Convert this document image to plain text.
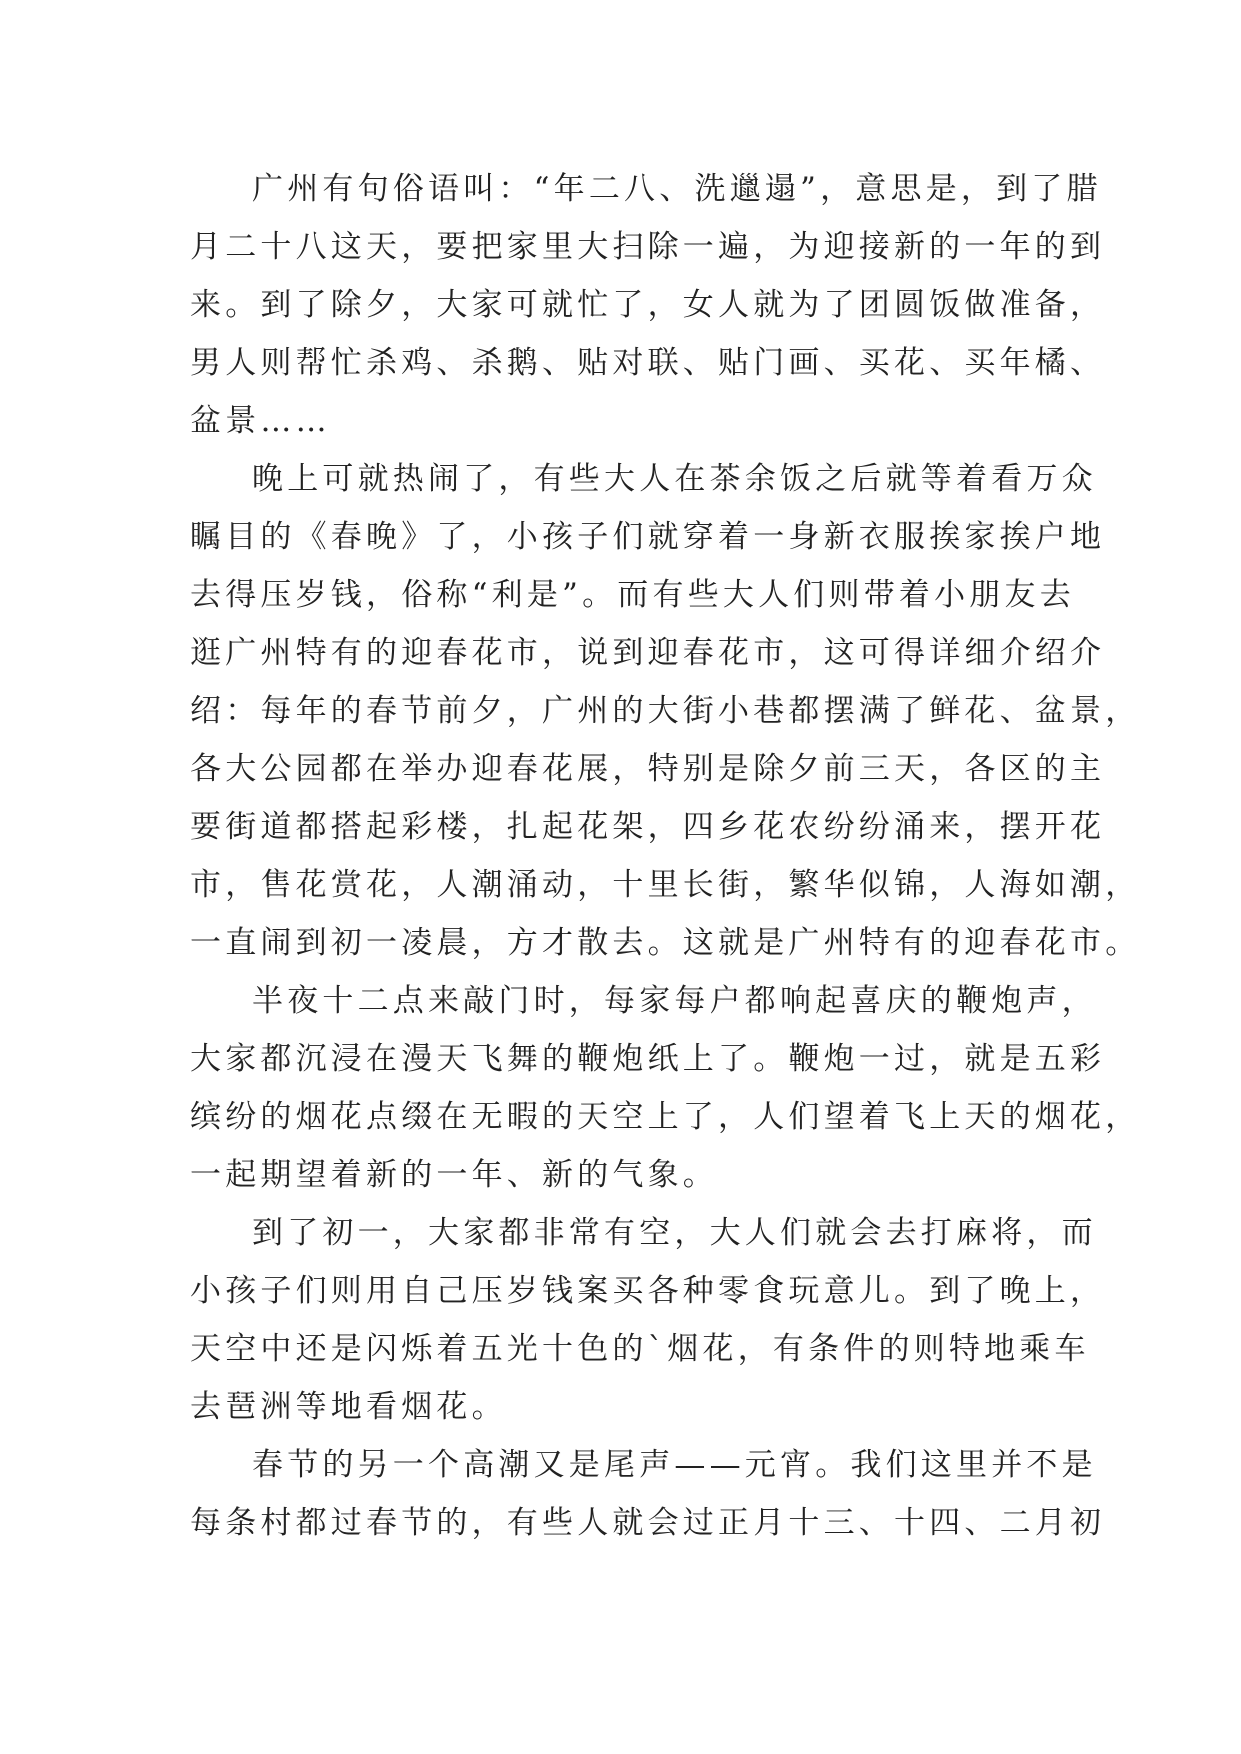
广州有句俗语叫：“年二八、洗邋遢”，意思是，到了腊
月二十八这天，要把家里大扫除一遍，为迎接新的一年的到
来。到了除夕，大家可就忙了，女人就为了团圆饭做准备，
男人则帮忙杀鸡、杀鹅、贴对联、贴门画、买花、买年橘、
盆景……
晚上可就热闹了，有些大人在茶余饭之后就等着看万众
瞩目的《春晚》了，小孩子们就穿着一身新衣服挨家挨户地
去得压岁钱，俗称“利是”。而有些大人们则带着小朋友去
逛广州特有的迎春花市，说到迎春花市，这可得详细介绍介
绍：每年的春节前夕，广州的大街小巷都摆满了鲜花、盆景，
各大公园都在举办迎春花展，特别是除夕前三天，各区的主
要街道都搭起彩楼，扎起花架，四乡花农纷纷涌来，摆开花
市，售花赏花，人潮涌动，十里长街，繁华似锦，人海如潮，
一直闹到初一凌晨，方才散去。这就是广州特有的迎春花市。
半夜十二点来敲门时，每家每户都响起喜庆的鞭炮声，
大家都沉浸在漫天飞舞的鞭炮纸上了。鞭炮一过，就是五彩
缤纷的烟花点缀在无暇的天空上了，人们望着飞上天的烟花，
一起期望着新的一年、新的气象。
到了初一，大家都非常有空，大人们就会去打麻将，而
小孩子们则用自己压岁钱案买各种零食玩意儿。到了晚上，
天空中还是闪烁着五光十色的`烟花，有条件的则特地乘车
去琶洲等地看烟花。
春节的另一个高潮又是尾声——元宵。我们这里并不是
每条村都过春节的，有些人就会过正月十三、十四、二月初
